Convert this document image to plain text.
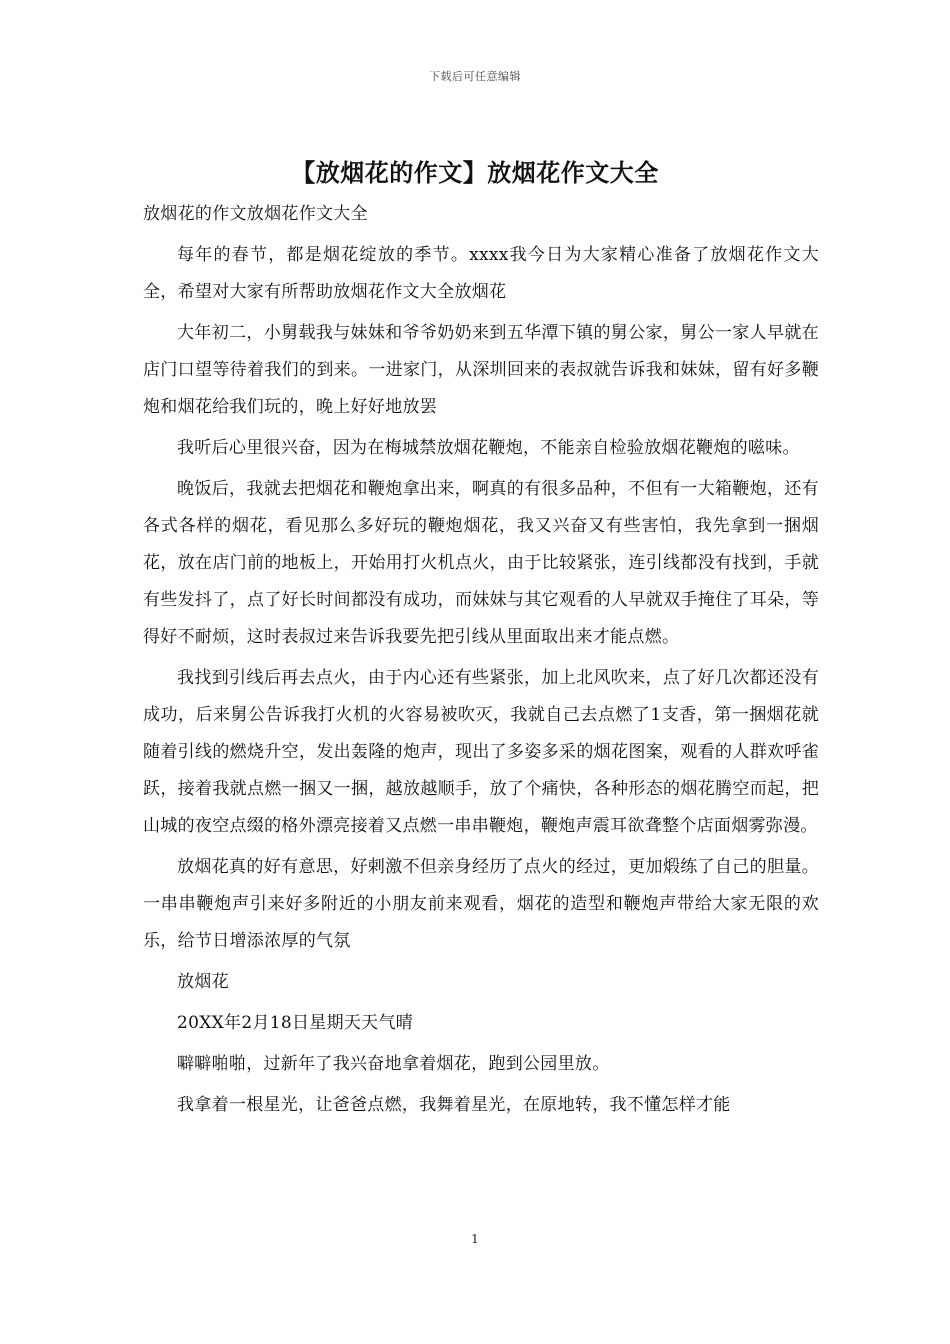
下载后可任意编辑
【放烟花的作文】放烟花作文大全

放烟花的作文放烟花作文大全

每年的春节，都是烟花绽放的季节。xxxx我今日为大家精心准备了放烟花作文大全，希望对大家有所帮助放烟花作文大全放烟花

大年初二，小舅载我与妹妹和爷爷奶奶来到五华潭下镇的舅公家，舅公一家人早就在店门口望等待着我们的到来。一进家门，从深圳回来的表叔就告诉我和妹妹，留有好多鞭炮和烟花给我们玩的，晚上好好地放罢

我听后心里很兴奋，因为在梅城禁放烟花鞭炮，不能亲自检验放烟花鞭炮的嗞味。

晚饭后，我就去把烟花和鞭炮拿出来，啊真的有很多品种，不但有一大箱鞭炮，还有各式各样的烟花，看见那么多好玩的鞭炮烟花，我又兴奋又有些害怕，我先拿到一捆烟花，放在店门前的地板上，开始用打火机点火，由于比较紧张，连引线都没有找到，手就有些发抖了，点了好长时间都没有成功，而妹妹与其它观看的人早就双手掩住了耳朵，等得好不耐烦，这时表叔过来告诉我要先把引线从里面取出来才能点燃。

我找到引线后再去点火，由于内心还有些紧张，加上北风吹来，点了好几次都还没有成功，后来舅公告诉我打火机的火容易被吹灭，我就自己去点燃了1支香，第一捆烟花就随着引线的燃烧升空，发出轰隆的炮声，现出了多姿多采的烟花图案，观看的人群欢呼雀跃，接着我就点燃一捆又一捆，越放越顺手，放了个痛快，各种形态的烟花腾空而起，把山城的夜空点缀的格外漂亮接着又点燃一串串鞭炮，鞭炮声震耳欲聋整个店面烟雾弥漫。

放烟花真的好有意思，好剌激不但亲身经历了点火的经过，更加煅练了自己的胆量。一串串鞭炮声引来好多附近的小朋友前来观看，烟花的造型和鞭炮声带给大家无限的欢乐，给节日增添浓厚的气氛

放烟花

20XX年2月18日星期天天气晴

噼噼啪啪，过新年了我兴奋地拿着烟花，跑到公园里放。

我拿着一根星光，让爸爸点燃，我舞着星光，在原地转，我不懂怎样才能

1
